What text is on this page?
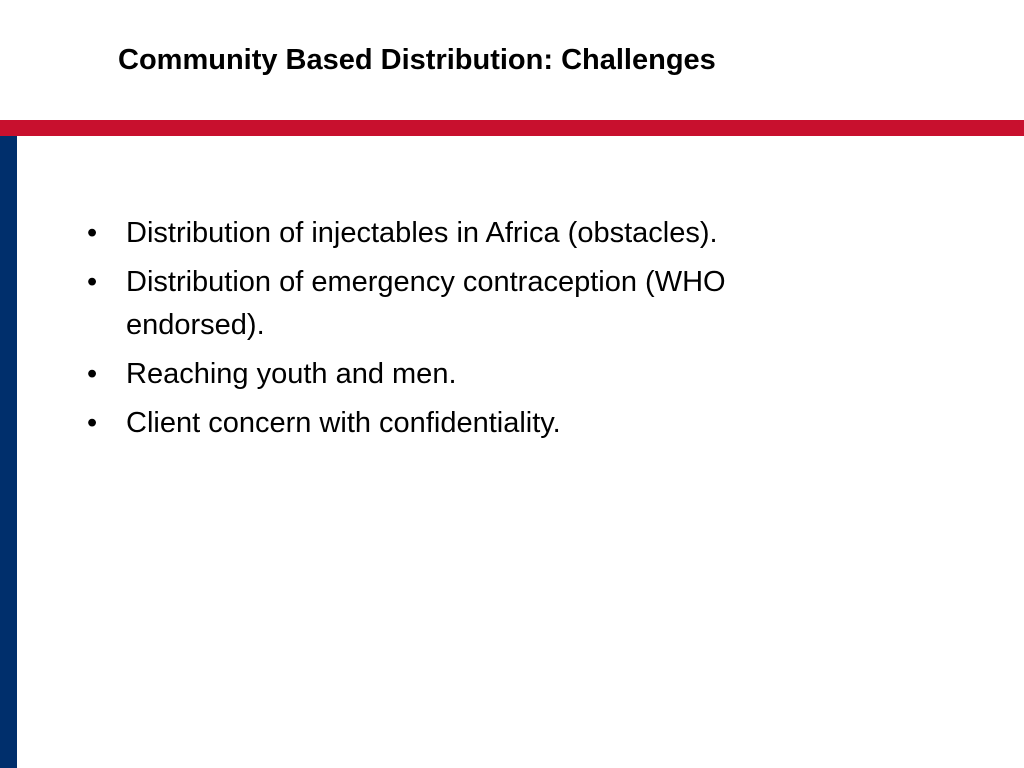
Community Based Distribution: Challenges
• Distribution of injectables in Africa (obstacles).
• Distribution of emergency contraception (WHO endorsed).
• Reaching youth and men.
• Client concern with confidentiality.
